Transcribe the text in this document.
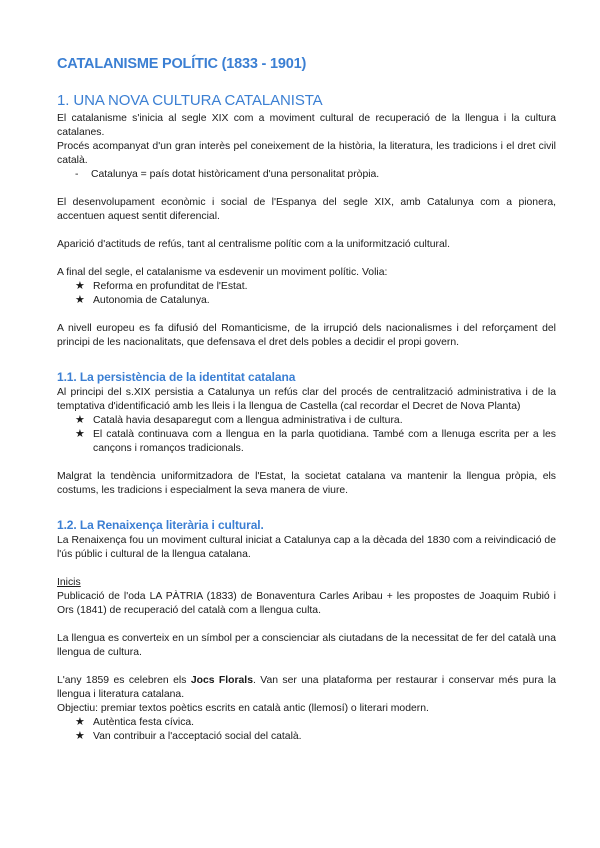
CATALANISME POLÍTIC (1833 - 1901)
1. UNA NOVA CULTURA CATALANISTA

El catalanisme s'inicia al segle XIX com a moviment cultural de recuperació de la llengua i la cultura catalanes.

Procés acompanyat d'un gran interès pel coneixement de la història, la literatura, les tradicions i el dret civil català.

- Catalunya = país dotat històricament d'una personalitat pròpia.

El desenvolupament econòmic i social de l'Espanya del segle XIX, amb Catalunya com a pionera, accentuen aquest sentit diferencial.

Aparició d'actituds de refús, tant al centralisme polític com a la uniformització cultural.

A final del segle, el catalanisme va esdevenir un moviment polític. Volia:

★ Reforma en profunditat de l'Estat.
★ Autonomia de Catalunya.

A nivell europeu es fa difusió del Romanticisme, de la irrupció dels nacionalismes i del reforçament del principi de les nacionalitats, que defensava el dret dels pobles a decidir el propi govern.

1.1. La persistència de la identitat catalana

Al principi del s.XIX persistia a Catalunya un refús clar del procés de centralització administrativa i de la temptativa d'identificació amb les lleis i la llengua de Castella (cal recordar el Decret de Nova Planta)

★ Català havia desaparegut com a llengua administrativa i de cultura.
★ El català continuava com a llengua en la parla quotidiana. També com a llenuga escrita per a les cançons i romanços tradicionals.

Malgrat la tendència uniformitzadora de l'Estat, la societat catalana va mantenir la llengua pròpia, els costums, les tradicions i especialment la seva manera de viure.

1.2. La Renaixença literària i cultural.

La Renaixença fou un moviment cultural iniciat a Catalunya cap a la dècada del 1830 com a reivindicació de l'ús públic i cultural de la llengua catalana.

Inicis

Publicació de l'oda LA PÀTRIA (1833) de Bonaventura Carles Aribau + les propostes de Joaquim Rubió i Ors (1841) de recuperació del català com a llengua culta.

La llengua es converteix en un símbol per a conscienciar als ciutadans de la necessitat de fer del català una llengua de cultura.

L'any 1859 es celebren els Jocs Florals. Van ser una plataforma per restaurar i conservar més pura la llengua i literatura catalana.

Objectiu: premiar textos poètics escrits en català antic (llemosí) o literari modern.

★ Autèntica festa cívica.
★ Van contribuir a l'acceptació social del català.
